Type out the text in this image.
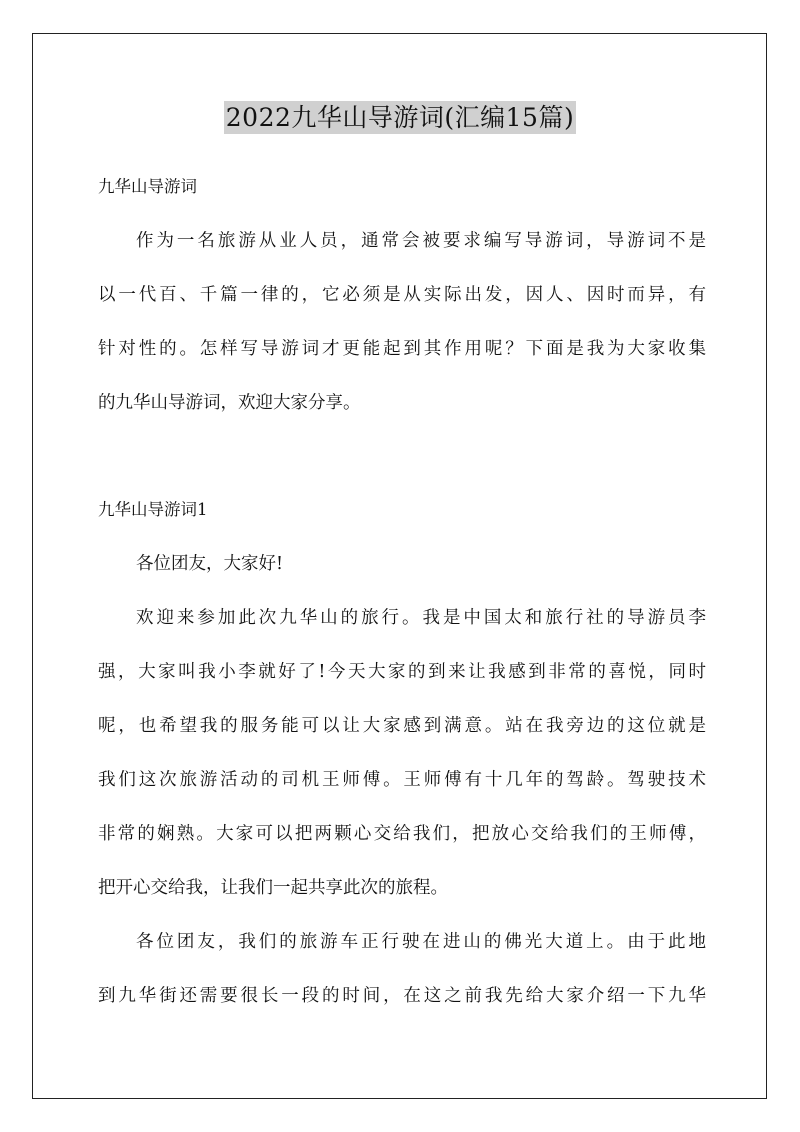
2022九华山导游词(汇编15篇)
九华山导游词
作为一名旅游从业人员，通常会被要求编写导游词，导游词不是
以一代百、千篇一律的，它必须是从实际出发，因人、因时而异，有
针对性的。怎样写导游词才更能起到其作用呢？下面是我为大家收集
的九华山导游词，欢迎大家分享。
九华山导游词1
各位团友，大家好!
欢迎来参加此次九华山的旅行。我是中国太和旅行社的导游员李
强，大家叫我小李就好了!今天大家的到来让我感到非常的喜悦，同时
呢，也希望我的服务能可以让大家感到满意。站在我旁边的这位就是
我们这次旅游活动的司机王师傅。王师傅有十几年的驾龄。驾驶技术
非常的娴熟。大家可以把两颗心交给我们，把放心交给我们的王师傅，
把开心交给我，让我们一起共享此次的旅程。
各位团友，我们的旅游车正行驶在进山的佛光大道上。由于此地
到九华街还需要很长一段的时间，在这之前我先给大家介绍一下九华
